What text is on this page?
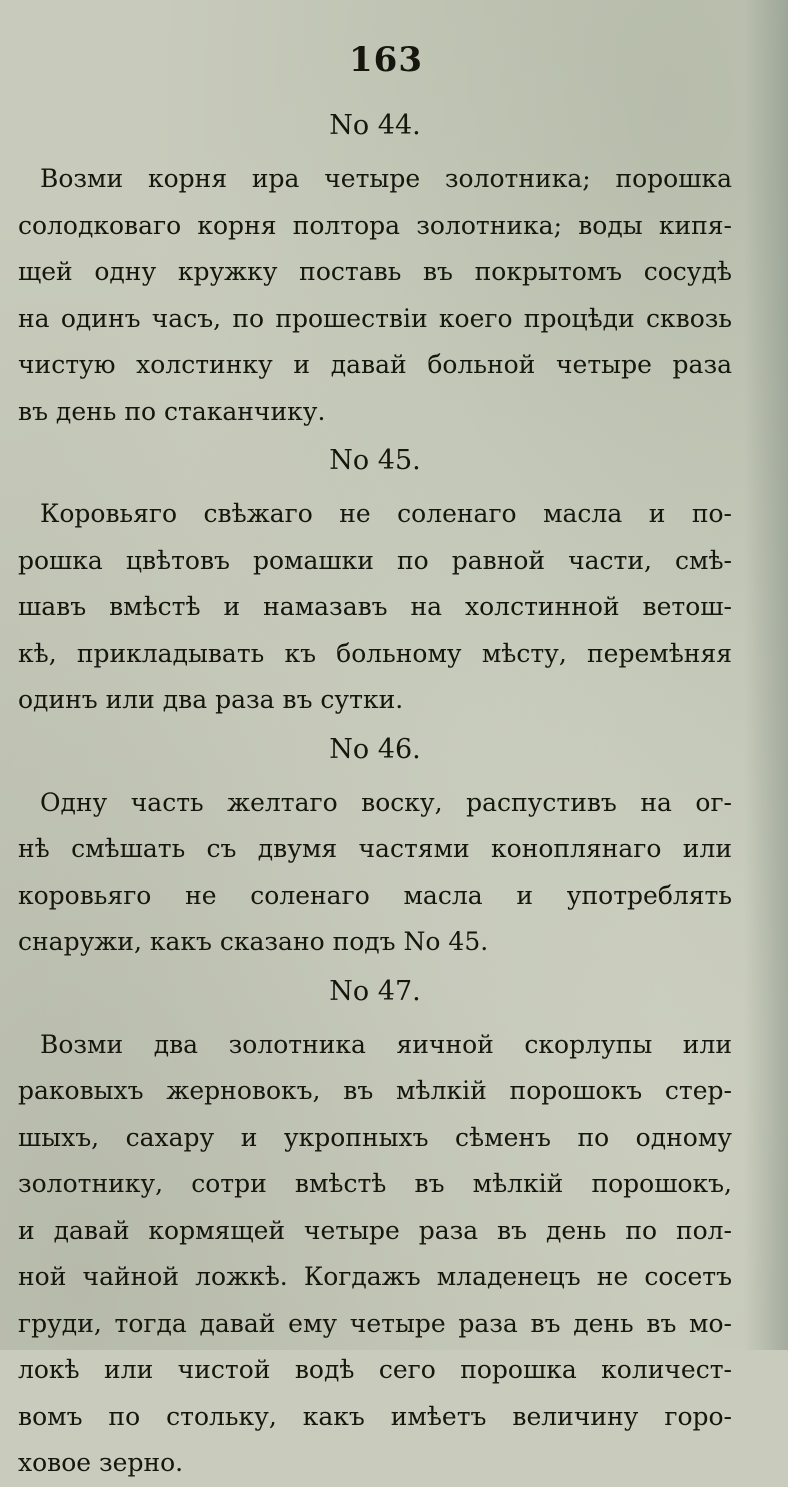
163
No 44.
Возми корня ира четыре золотника; порошка
солодковаго корня полтора золотника; воды кипя-
щей одну кружку поставь въ покрытомъ сосудѣ
на одинъ часъ, по прошествіи коего процѣди сквозь
чистую холстинку и давай больной четыре раза
въ день по стаканчику.
No 45.
Коровьяго свѣжаго не соленаго масла и по-
рошка цвѣтовъ ромашки по равной части, смѣ-
шавъ вмѣстѣ и намазавъ на холстинной ветош-
кѣ, прикладывать къ больному мѣсту, перемѣняя
одинъ или два раза въ сутки.
No 46.
Одну часть желтаго воску, распустивъ на ог-
нѣ смѣшать съ двумя частями коноплянаго или
коровьяго не соленаго масла и употреблять
снаружи, какъ сказано подъ No 45.
No 47.
Возми два золотника яичной скорлупы или
раковыхъ жерновокъ, въ мѣлкій порошокъ стер-
шыхъ, сахару и укропныхъ сѣменъ по одному
золотнику, сотри вмѣстѣ въ мѣлкій порошокъ,
и давай кормящей четыре раза въ день по пол-
ной чайной ложкѣ. Когдажъ младенецъ не сосетъ
груди, тогда давай ему четыре раза въ день въ мо-
локѣ или чистой водѣ сего порошка количест-
вомъ по стольку, какъ имѣетъ величину горо-
ховое зерно.
